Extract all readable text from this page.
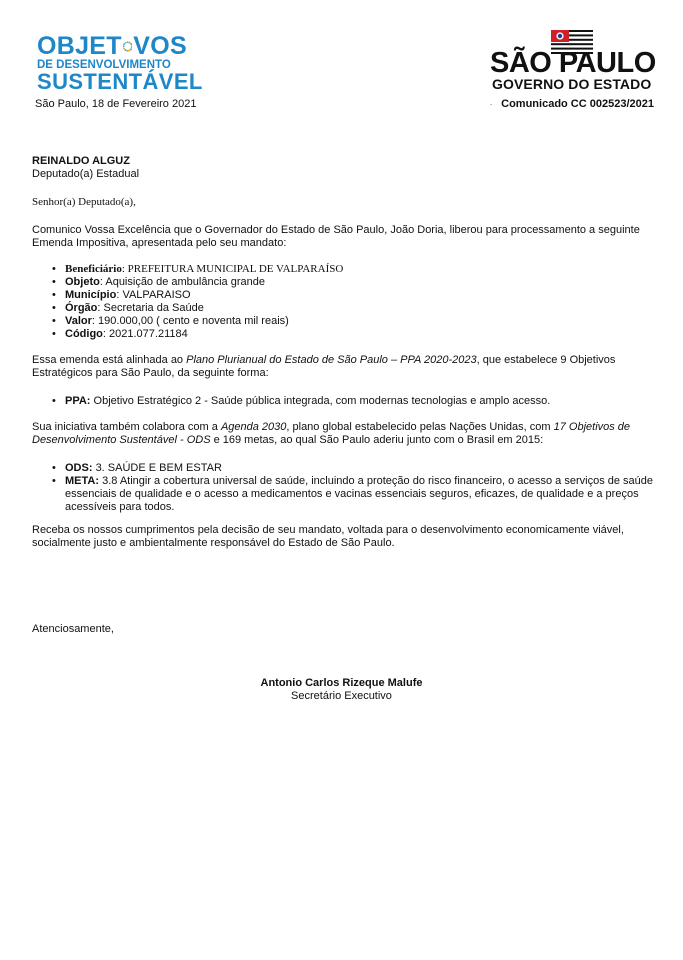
OBJET VOS
DE DESENVOLVIMENTO
SUSTENTÁVEL
SÃO PAULO
GOVERNO DO ESTADO
.
São Paulo, 18 de Fevereiro 2021	Comunicado CC 002523/2021
REINALDO ALGUZ
Deputado(a) Estadual
Senhor(a) Deputado(a),
Comunico Vossa Excelência que o Governador do Estado de São Paulo, João Doria, liberou para processamento a seguinte Emenda Impositiva, apresentada pelo seu mandato:
• Beneficiário: PREFEITURA MUNICIPAL DE VALPARAÍSO
• Objeto: Aquisição de ambulância grande
• Município: VALPARAISO
• Órgão: Secretaria da Saúde
• Valor: 190.000,00 ( cento e noventa mil reais)
• Código: 2021.077.21184
Essa emenda está alinhada ao Plano Plurianual do Estado de São Paulo – PPA 2020-2023, que estabelece 9 Objetivos Estratégicos para São Paulo, da seguinte forma:
• PPA: Objetivo Estratégico 2 - Saúde pública integrada, com modernas tecnologias e amplo acesso.
Sua iniciativa também colabora com a Agenda 2030, plano global estabelecido pelas Nações Unidas, com 17 Objetivos de Desenvolvimento Sustentável - ODS e 169 metas, ao qual São Paulo aderiu junto com o Brasil em 2015:
• ODS: 3. SAÚDE E BEM ESTAR
• META: 3.8 Atingir a cobertura universal de saúde, incluindo a proteção do risco financeiro, o acesso a serviços de saúde essenciais de qualidade e o acesso a medicamentos e vacinas essenciais seguros, eficazes, de qualidade e a preços acessíveis para todos.
Receba os nossos cumprimentos pela decisão de seu mandato, voltada para o desenvolvimento economicamente viável, socialmente justo e ambientalmente responsável do Estado de São Paulo.
Atenciosamente,
Antonio Carlos Rizeque Malufe
Secretário Executivo
